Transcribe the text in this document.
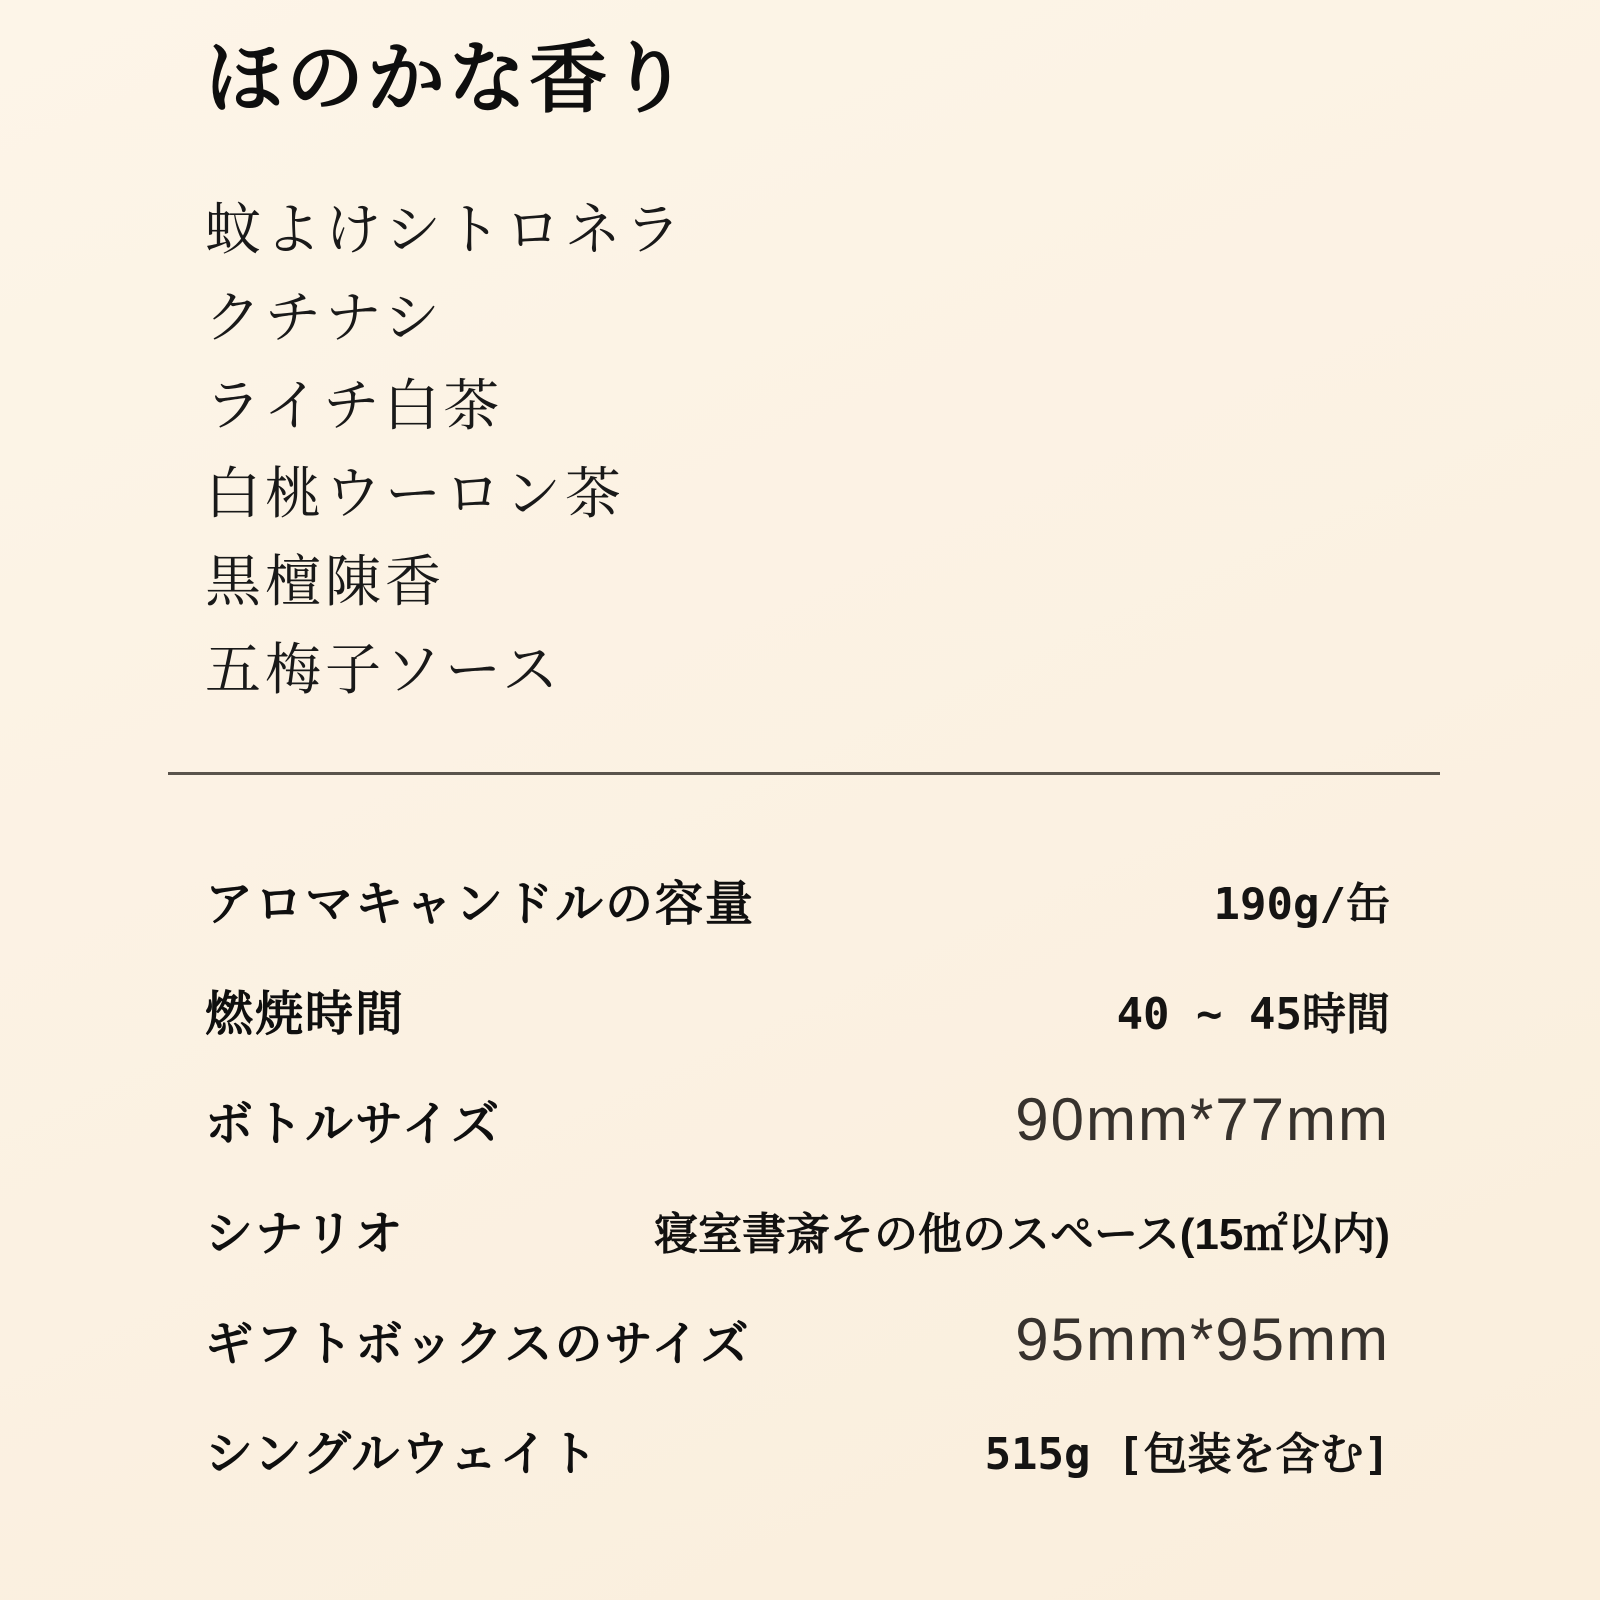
ほのかな香り
蚊よけシトロネラ
クチナシ
ライチ白茶
白桃ウーロン茶
黒檀陳香
五梅子ソース
アロマキャンドルの容量	190g/缶
燃焼時間	40 ~ 45時間
ボトルサイズ	90mm*77mm
シナリオ	寝室書斎その他のスペース(15㎡以内)
ギフトボックスのサイズ	95mm*95mm
シングルウェイト	515g [包装を含む]
